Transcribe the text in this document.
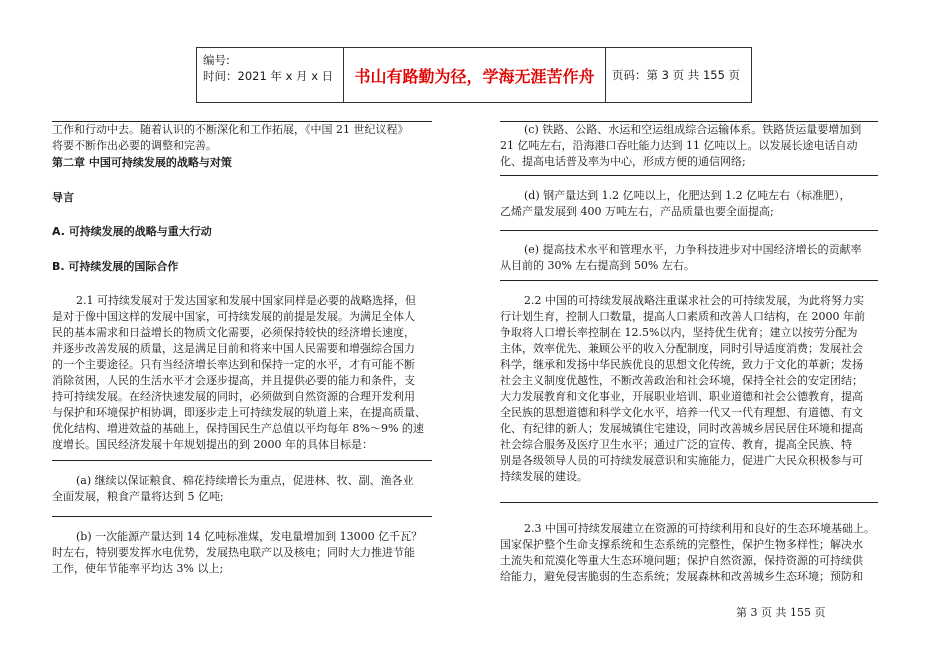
编号:
时间：2021 年 x 月 x 日	书山有路勤为径，学海无涯苦作舟	页码：第 3 页 共 155 页
工作和行动中去。随着认识的不断深化和工作拓展，《中国 21 世纪议程》
将要不断作出必要的调整和完善。
第二章 中国可持续发展的战略与对策
导言
A. 可持续发展的战略与重大行动
B. 可持续发展的国际合作
2.1 可持续发展对于发达国家和发展中国家同样是必要的战略选择，但
是对于像中国这样的发展中国家，可持续发展的前提是发展。为满足全体人
民的基本需求和日益增长的物质文化需要，必须保持较快的经济增长速度，
并逐步改善发展的质量，这是满足目前和将来中国人民需要和增强综合国力
的一个主要途径。只有当经济增长率达到和保持一定的水平，才有可能不断
消除贫困，人民的生活水平才会逐步提高，并且提供必要的能力和条件，支
持可持续发展。在经济快速发展的同时，必须做到自然资源的合理开发利用
与保护和环境保护相协调，即逐步走上可持续发展的轨道上来，在提高质量、
优化结构、增进效益的基础上，保持国民生产总值以平均每年 8%～9% 的速
度增长。国民经济发展十年规划提出的到 2000 年的具体目标是：
(a) 继续以保证粮食、棉花持续增长为重点，促进林、牧、副、渔各业
全面发展，粮食产量将达到 5 亿吨;
(b) 一次能源产量达到 14 亿吨标准煤，发电量增加到 13000 亿千瓦？
时左右，特别要发挥水电优势，发展热电联产以及核电；同时大力推进节能
工作，使年节能率平均达 3% 以上;
(c) 铁路、公路、水运和空运组成综合运输体系。铁路货运量要增加到
21 亿吨左右，沿海港口吞吐能力达到 11 亿吨以上。以发展长途电话自动
化、提高电话普及率为中心，形成方便的通信网络;
(d) 钢产量达到 1.2 亿吨以上，化肥达到 1.2 亿吨左右（标准肥），
乙烯产量发展到 400 万吨左右，产品质量也要全面提高;
(e) 提高技术水平和管理水平，力争科技进步对中国经济增长的贡献率
从目前的 30% 左右提高到 50% 左右。
2.2 中国的可持续发展战略注重谋求社会的可持续发展，为此将努力实
行计划生育，控制人口数量，提高人口素质和改善人口结构，在 2000 年前
争取将人口增长率控制在 12.5%以内，坚持优生优育；建立以按劳分配为
主体，效率优先、兼顾公平的收入分配制度，同时引导适度消费；发展社会
科学，继承和发扬中华民族优良的思想文化传统，致力于文化的革新；发扬
社会主义制度优越性，不断改善政治和社会环境，保持全社会的安定团结；
大力发展教育和文化事业，开展职业培训、职业道德和社会公德教育，提高
全民族的思想道德和科学文化水平，培养一代又一代有理想、有道德、有文
化、有纪律的新人；发展城镇住宅建设，同时改善城乡居民居住环境和提高
社会综合服务及医疗卫生水平；通过广泛的宣传、教育，提高全民族、特
别是各级领导人员的可持续发展意识和实施能力，促进广大民众积极参与可
持续发展的建设。
2.3 中国可持续发展建立在资源的可持续利用和良好的生态环境基础上。
国家保护整个生命支撑系统和生态系统的完整性，保护生物多样性；解决水
土流失和荒漠化等重大生态环境问题；保护自然资源，保持资源的可持续供
给能力，避免侵害脆弱的生态系统；发展森林和改善城乡生态环境；预防和
第 3 页 共 155 页
